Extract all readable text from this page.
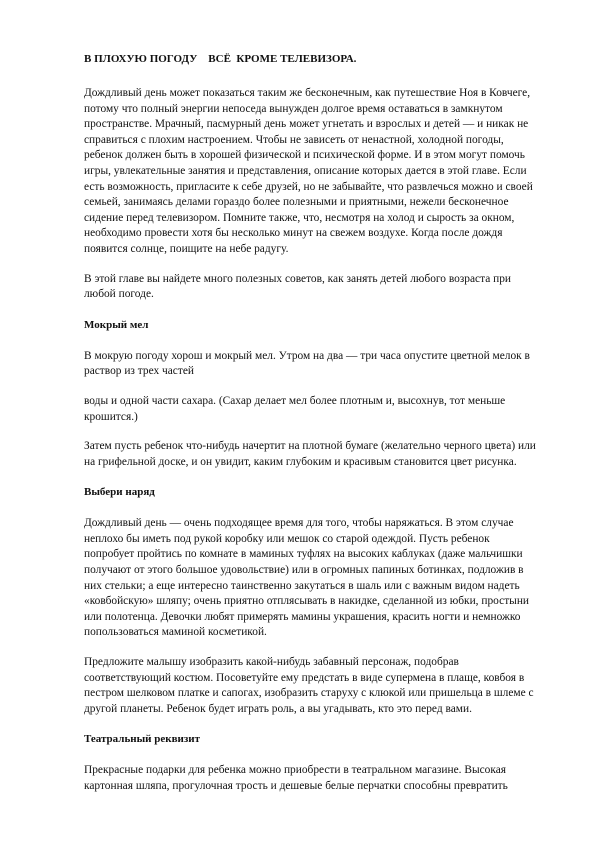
В ПЛОХУЮ ПОГОДУ    ВСЁ  КРОМЕ ТЕЛЕВИЗОРА.

Дождливый день может показаться таким же бесконечным, как путешествие Ноя в Ковчеге, потому что полный энергии непоседа вынужден долгое время оставаться в замкнутом пространстве. Мрачный, пасмурный день может угнетать и взрослых и детей — и никак не справиться с плохим настроением. Чтобы не зависеть от ненастной, холодной погоды, ребенок должен быть в хорошей физической и психической форме. И в этом могут помочь игры, увлекательные занятия и представления, описание которых дается в этой главе. Если есть возможность, пригласите к себе друзей, но не забывайте, что развлечься можно и своей семьей, занимаясь делами гораздо более полезными и приятными, нежели бесконечное сидение перед телевизором. Помните также, что, несмотря на холод и сырость за окном, необходимо провести хотя бы несколько минут на свежем воздухе. Когда после дождя появится солнце, поищите на небе радугу.

В этой главе вы найдете много полезных советов, как занять детей любого возраста при любой погоде.

Мокрый мел

В мокрую погоду хорош и мокрый мел. Утром на два — три часа опустите цветной мелок в раствор из трех частей

воды и одной части сахара. (Сахар делает мел более плотным и, высохнув, тот меньше крошится.)

Затем пусть ребенок что-нибудь начертит на плотной бумаге (желательно черного цвета) или на грифельной доске, и он увидит, каким глубоким и красивым становится цвет рисунка.

Выбери наряд

Дождливый день — очень подходящее время для того, чтобы наряжаться. В этом случае неплохо бы иметь под рукой коробку или мешок со старой одеждой. Пусть ребенок попробует пройтись по комнате в маминых туфлях на высоких каблуках (даже мальчишки получают от этого большое удовольствие) или в огромных папиных ботинках, подложив в них стельки; а еще интересно таинственно закутаться в шаль или с важным видом надеть «ковбойскую» шляпу; очень приятно отплясывать в накидке, сделанной из юбки, простыни или полотенца. Девочки любят примерять мамины украшения, красить ногти и немножко попользоваться маминой косметикой.

Предложите малышу изобразить какой-нибудь забавный персонаж, подобрав соответствующий костюм. Посоветуйте ему предстать в виде супермена в плаще, ковбоя в пестром шелковом платке и сапогах, изобразить старуху с клюкой или пришельца в шлеме с другой планеты. Ребенок будет играть роль, а вы угадывать, кто это перед вами.

Театральный реквизит

Прекрасные подарки для ребенка можно приобрести в театральном магазине. Высокая картонная шляпа, прогулочная трость и дешевые белые перчатки способны превратить
